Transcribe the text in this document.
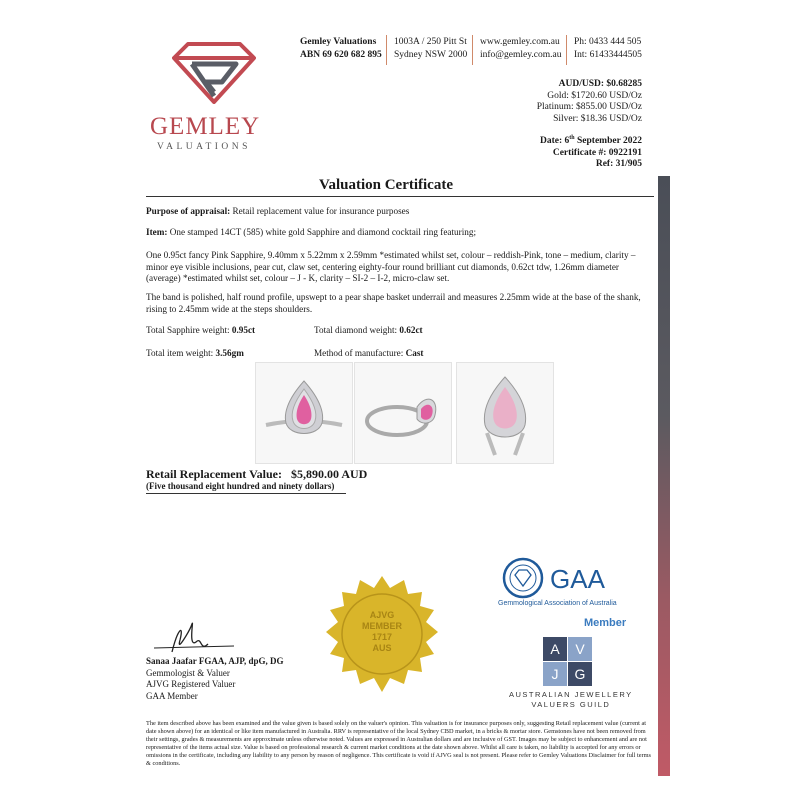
GEMLEY
VALUATIONS
Gemley Valuations
ABN 69 620 682 895
1003A / 250 Pitt St
Sydney NSW 2000
www.gemley.com.au
info@gemley.com.au
Ph: 0433 444 505
Int: 61433444505
AUD/USD: $0.68285
Gold: $1720.60 USD/Oz
Platinum: $855.00 USD/Oz
Silver: $18.36 USD/Oz
Date: 6th September 2022
Certificate #: 0922191
Ref: 31/905
Valuation Certificate
Purpose of appraisal: Retail replacement value for insurance purposes
Item: One stamped 14CT (585) white gold Sapphire and diamond cocktail ring featuring;
One 0.95ct fancy Pink Sapphire, 9.40mm x 5.22mm x 2.59mm *estimated whilst set, colour – reddish-Pink, tone – medium, clarity – minor eye visible inclusions, pear cut, claw set, centering eighty-four round brilliant cut diamonds, 0.62ct tdw, 1.26mm diameter (average) *estimated whilst set, colour – J - K, clarity – SI-2 – I-2, micro-claw set.
The band is polished, half round profile, upswept to a pear shape basket underrail and measures 2.25mm wide at the base of the shank, rising to 2.45mm wide at the steps shoulders.
Total Sapphire weight: 0.95ct	Total diamond weight: 0.62ct
Total item weight: 3.56gm	Method of manufacture: Cast
Retail Replacement Value: $5,890.00 AUD
(Five thousand eight hundred and ninety dollars)
Sanaa Jaafar FGAA, AJP, dpG, DG
Gemmologist & Valuer
AJVG Registered Valuer
GAA Member
AJVG
MEMBER
1717
AUS
GAA
Gemmological Association of Australia
Member
A	V
J	G
AUSTRALIAN JEWELLERY
VALUERS GUILD
The item described above has been examined and the value given is based solely on the valuer's opinion. This valuation is for insurance purposes only, suggesting Retail replacement value (current at date shown above) for an identical or like item manufactured in Australia. RRV is representative of the local Sydney CBD market, in a bricks & mortar store. Gemstones have not been removed from their settings, grades & measurements are approximate unless otherwise noted. Values are expressed in Australian dollars and are inclusive of GST. Images may be subject to enhancement and are not representative of the items actual size. Value is based on professional research & current market conditions at the date shown above. Whilst all care is taken, no liability is accepted for any errors or omissions in the certificate, including any liability to any person by reason of negligence. This certificate is void if AJVG seal is not present. Please refer to Gemley Valuations Disclaimer for full terms & conditions.
